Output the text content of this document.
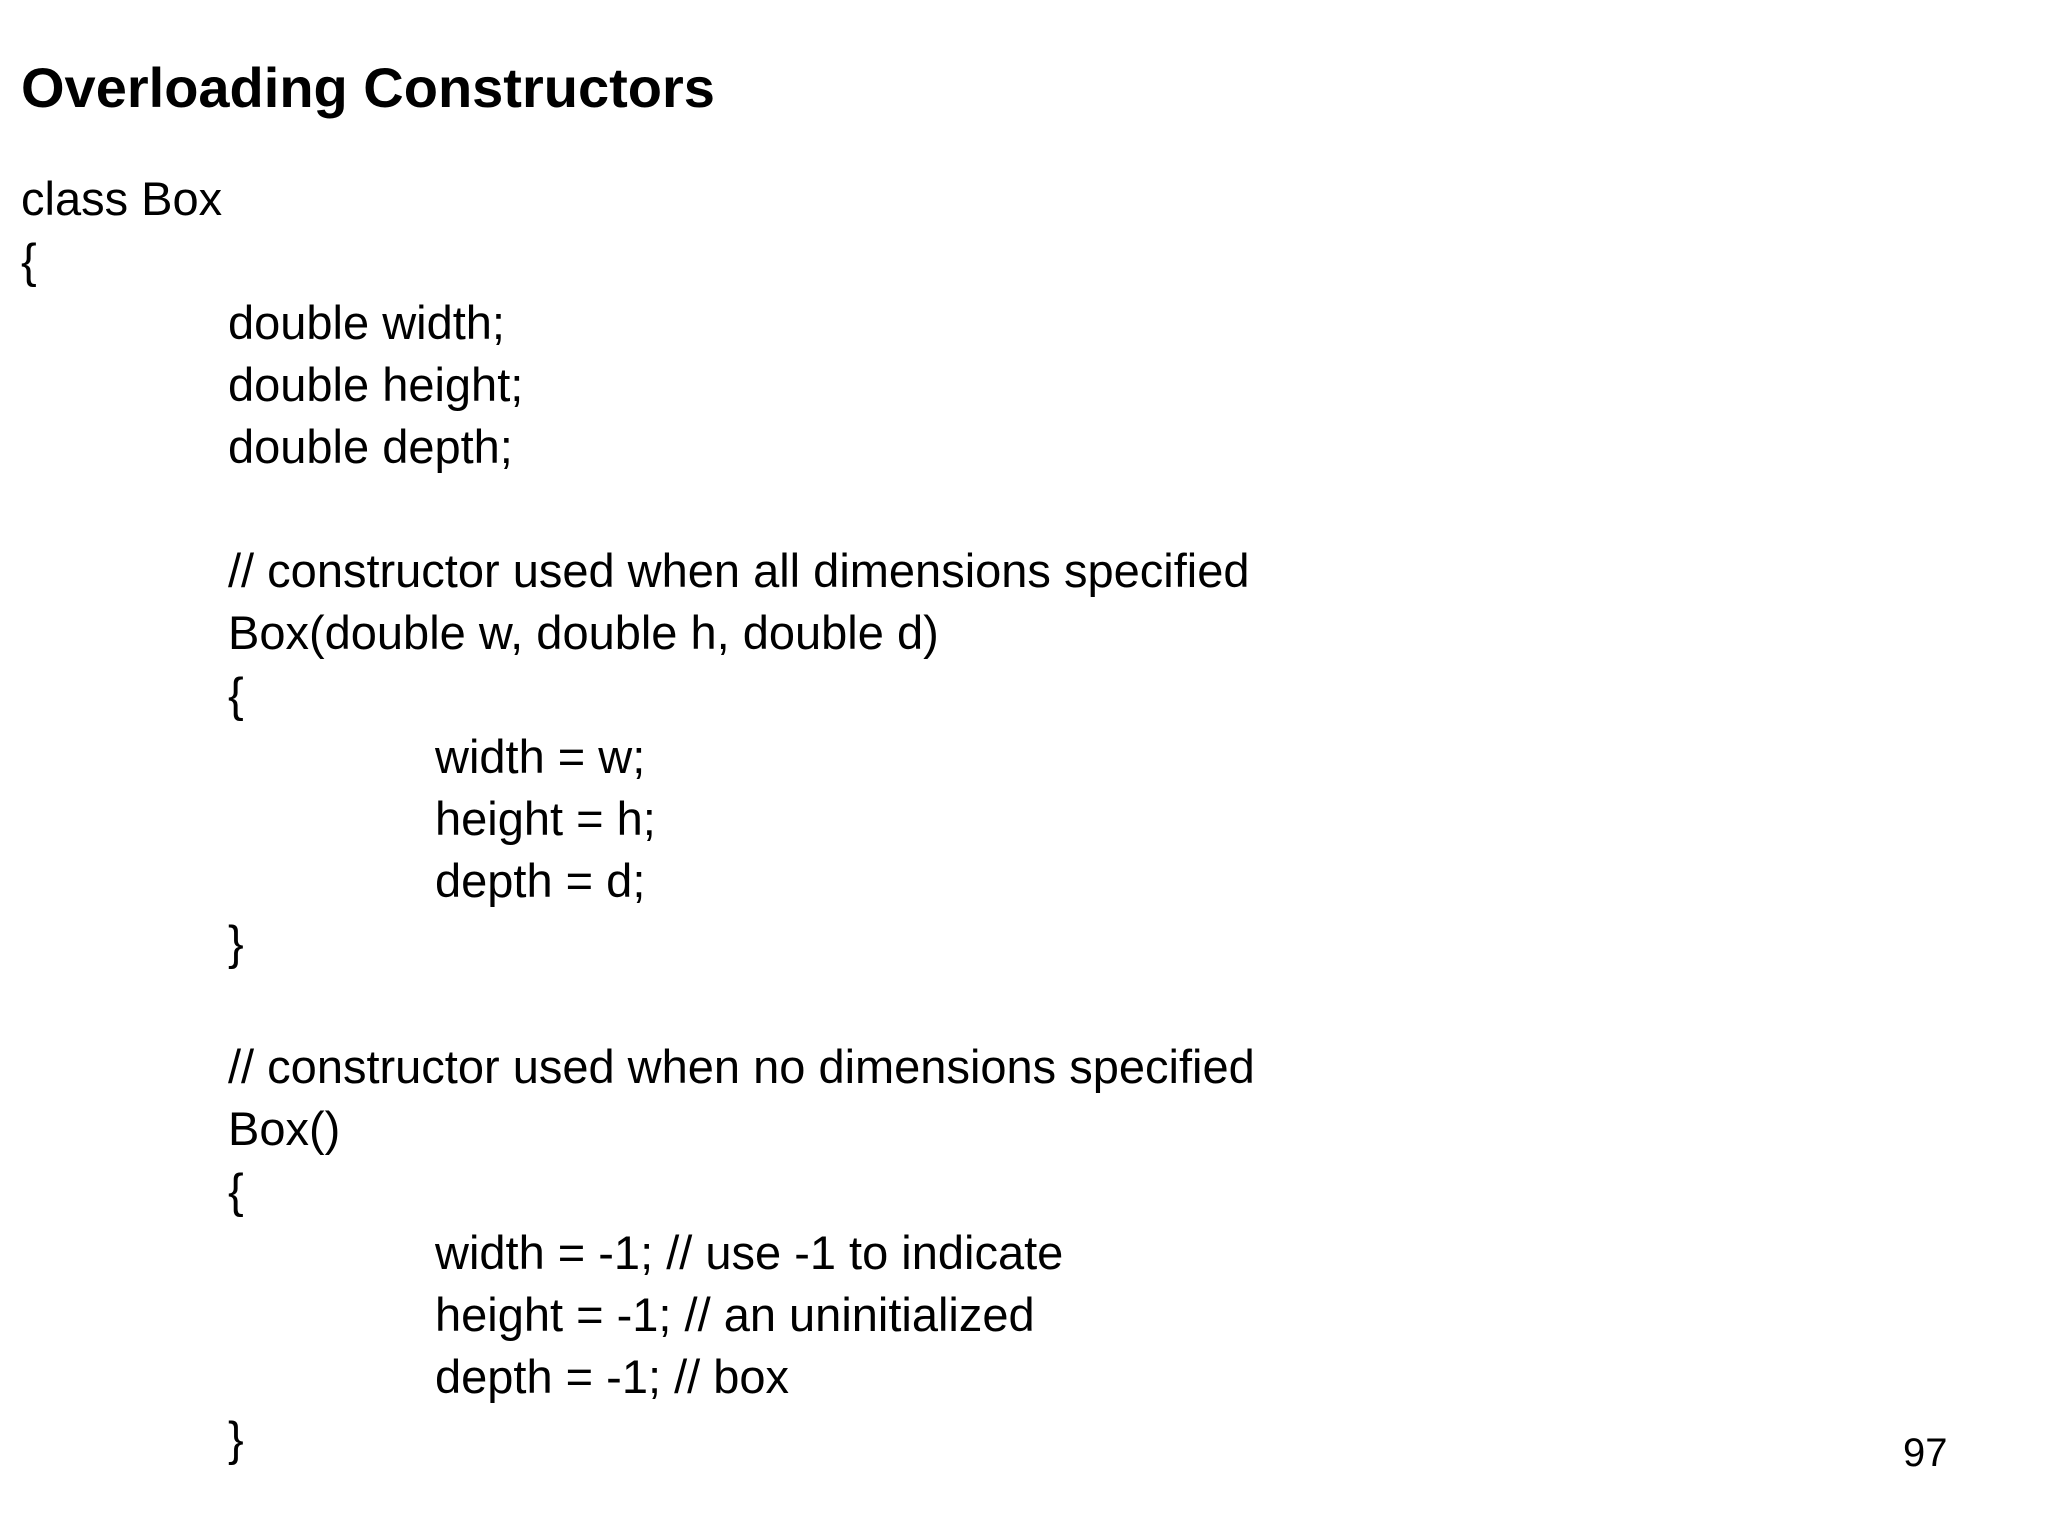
Overloading Constructors
class Box
{
double width;
double height;
double depth;
// constructor used when all dimensions specified
Box(double w, double h, double d)
{
width = w;
height = h;
depth = d;
}
// constructor used when no dimensions specified
Box()
{
width = -1; // use -1 to indicate
height = -1; // an uninitialized
depth = -1; // box
}	97
